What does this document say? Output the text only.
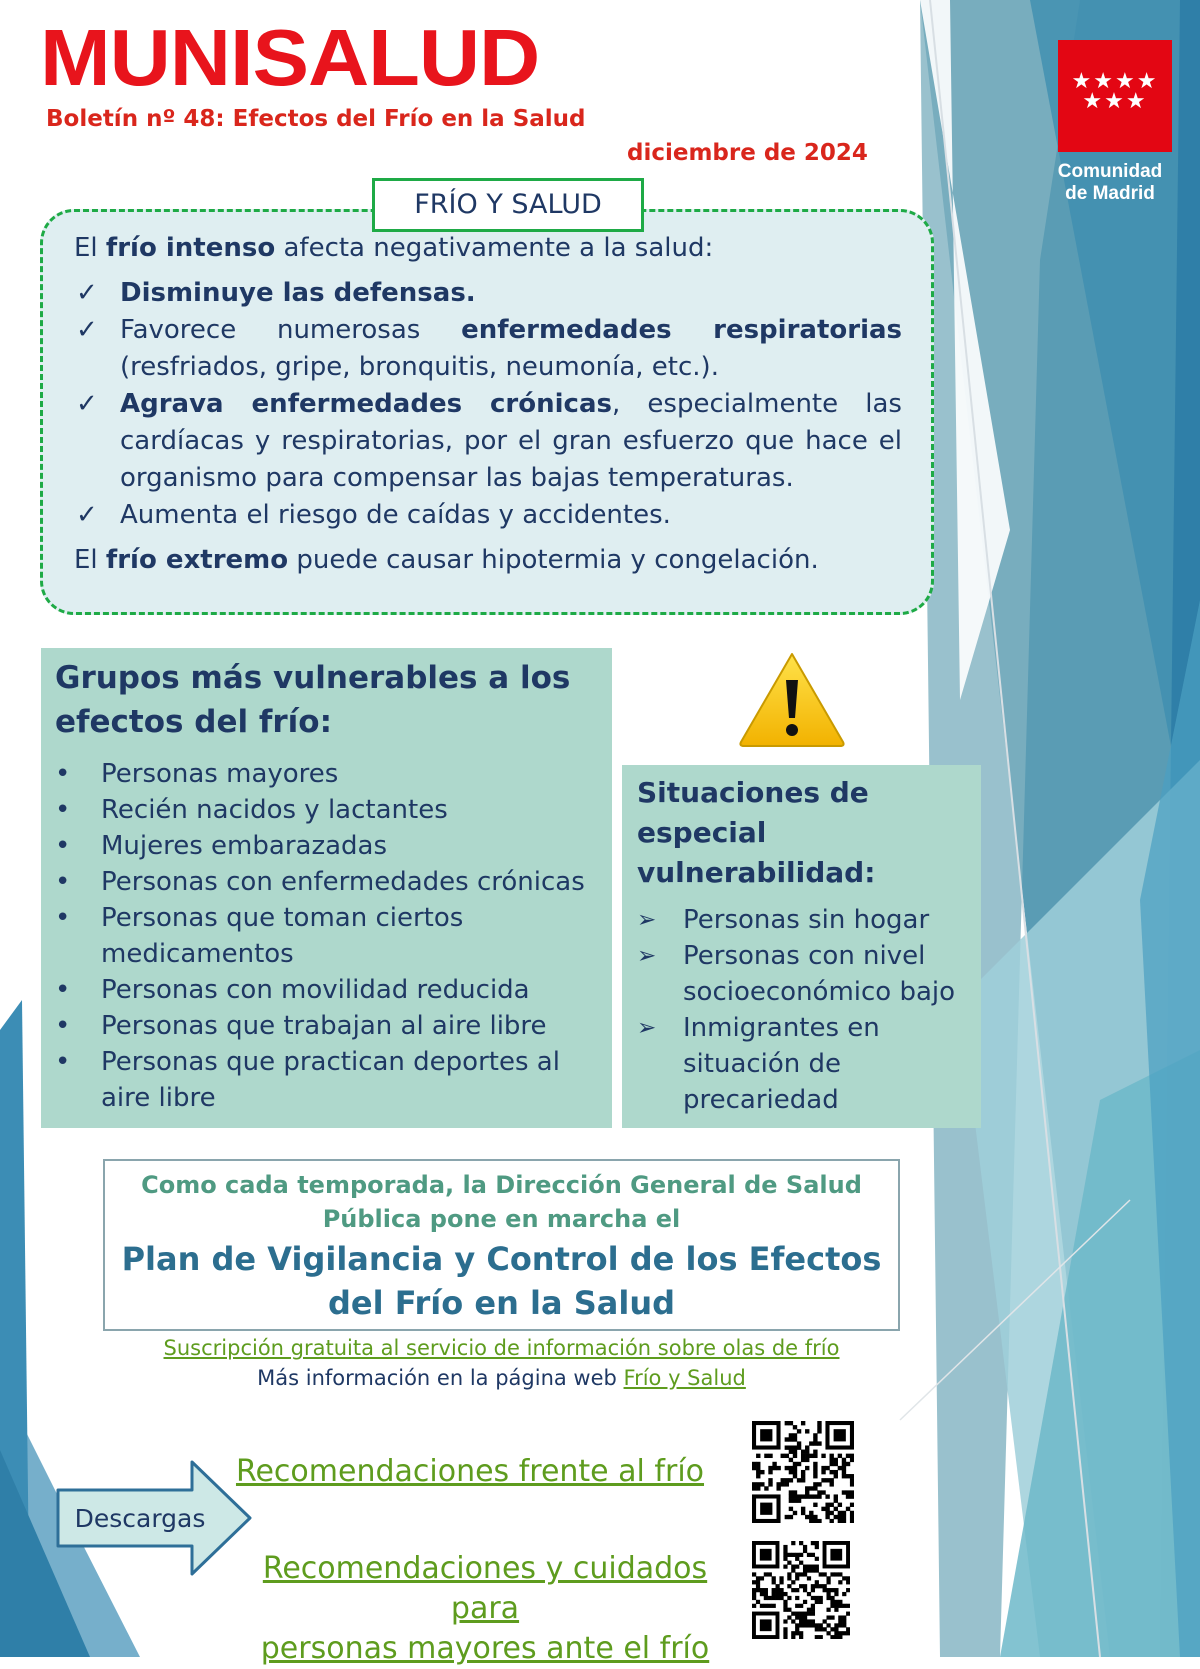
MUNISALUD
Boletín nº 48: Efectos del Frío en la Salud
diciembre de 2024
★★★★
★★★
Comunidad
de Madrid
FRÍO Y SALUD

El frío intenso afecta negativamente a la salud:

✓ Disminuye las defensas.
✓ Favorece numerosas enfermedades respiratorias (resfriados, gripe, bronquitis, neumonía, etc.).
✓ Agrava enfermedades crónicas, especialmente las cardíacas y respiratorias, por el gran esfuerzo que hace el organismo para compensar las bajas temperaturas.
✓ Aumenta el riesgo de caídas y accidentes.

El frío extremo puede causar hipotermia y congelación.

Grupos más vulnerables a los efectos del frío:
• Personas mayores
• Recién nacidos y lactantes
• Mujeres embarazadas
• Personas con enfermedades crónicas
• Personas que toman ciertos medicamentos
• Personas con movilidad reducida
• Personas que trabajan al aire libre
• Personas que practican deportes al aire libre
Situaciones de especial vulnerabilidad:
➢ Personas sin hogar
➢ Personas con nivel socioeconómico bajo
➢ Inmigrantes en situación de precariedad
Como cada temporada, la Dirección General de Salud Pública pone en marcha el
Plan de Vigilancia y Control de los Efectos del Frío en la Salud
Suscripción gratuita al servicio de información sobre olas de frío
Más información en la página web Frío y Salud
Descargas
Recomendaciones frente al frío
Recomendaciones y cuidados para
personas mayores ante el frío
